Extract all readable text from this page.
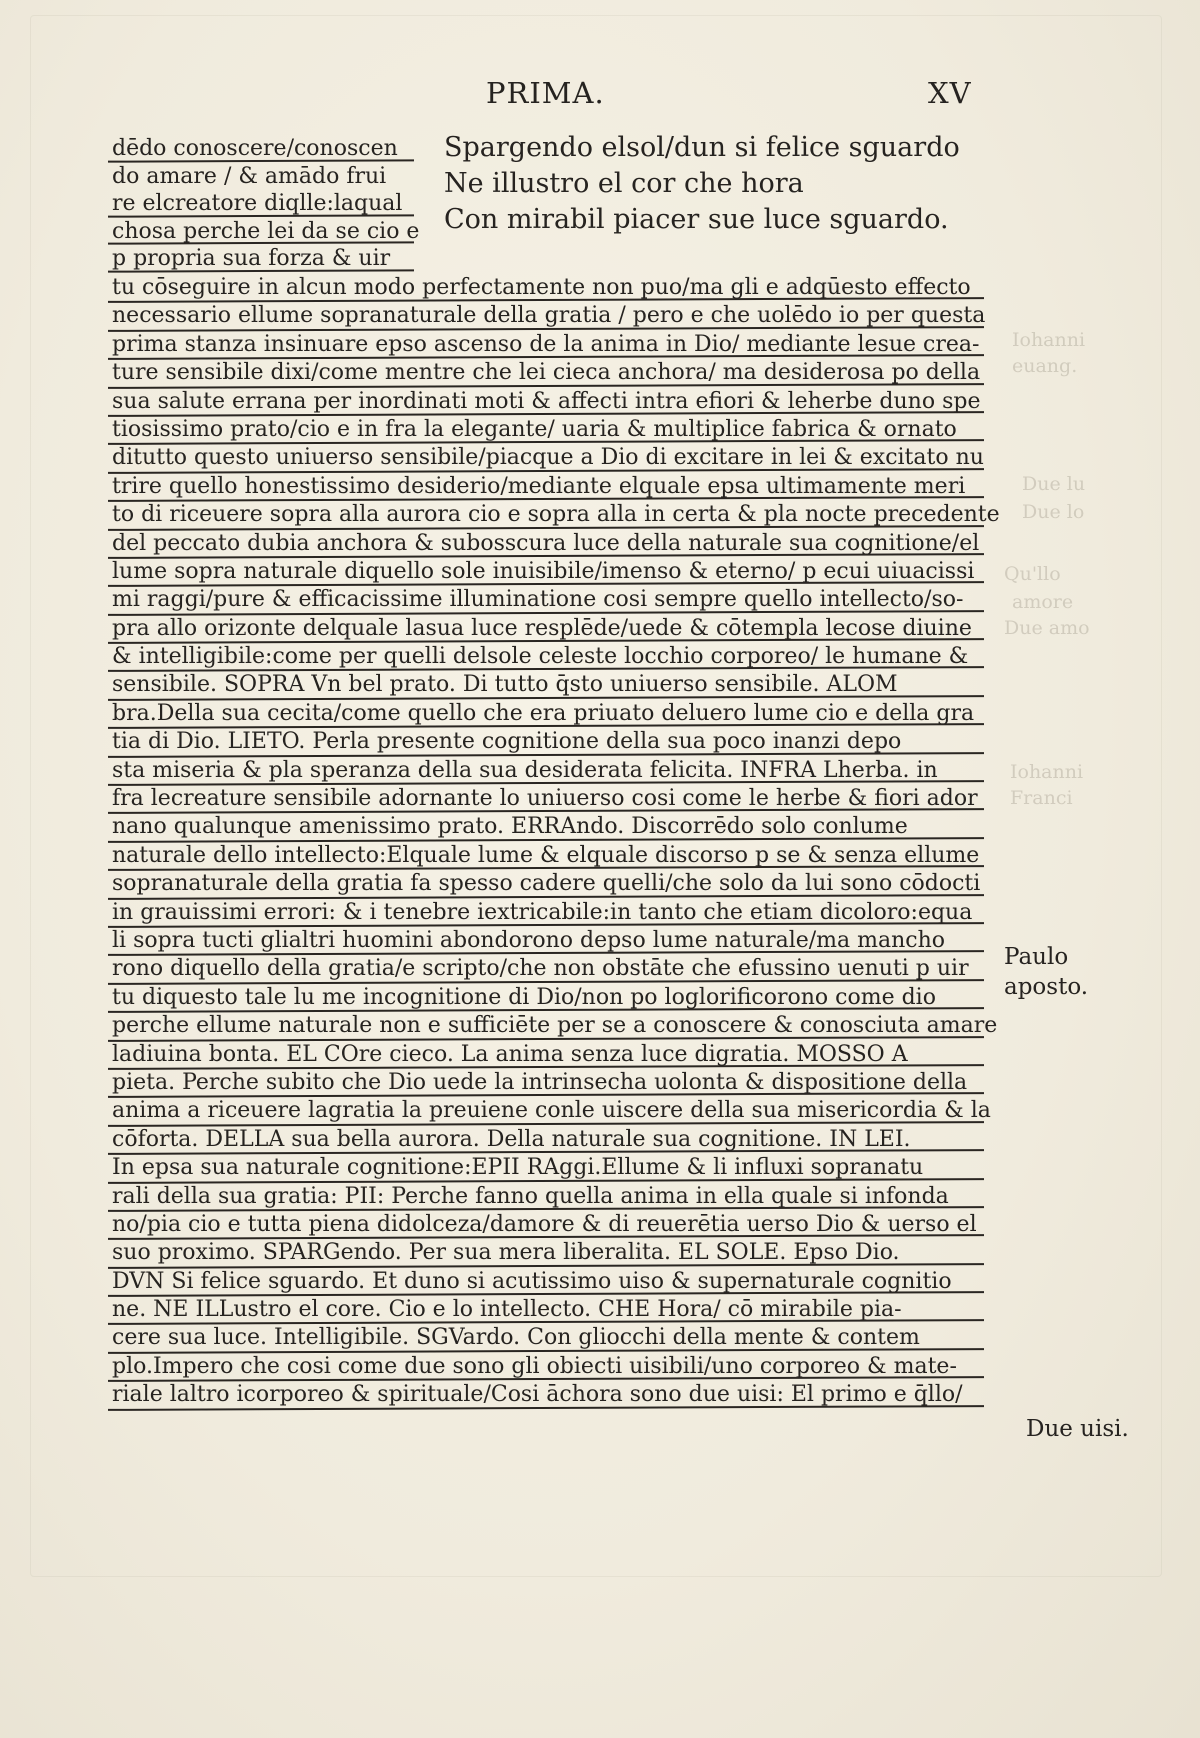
Iohanni
euang.
Due lu
Due lo
Qu'llo
amore
Due amo
Iohanni
Franci
PRIMA.	XV
dēdo conoscere/conoscen
do amare / & amādo frui
re elcreatore diqlle:laqual
chosa perche lei da se cio e
p propria sua forza & uir
Spargendo elsol/dun si felice sguardo
Ne illustro el cor che hora
Con mirabil piacer sue luce sguardo.
tu cōseguire in alcun modo perfectamente non puo/ma gli e adqūesto effecto
necessario ellume sopranaturale della gratia / pero e che uolēdo io per questa
prima stanza insinuare epso ascenso de la anima in Dio/ mediante lesue crea-
ture sensibile dixi/come mentre che lei cieca anchora/ ma desiderosa po della
sua salute errana per inordinati moti & affecti intra efiori & leherbe duno spe
tiosissimo prato/cio e in fra la elegante/ uaria & multiplice fabrica & ornato
ditutto questo uniuerso sensibile/piacque a Dio di excitare in lei & excitato nu
trire quello honestissimo desiderio/mediante elquale epsa ultimamente meri
to di riceuere sopra alla aurora cio e sopra alla in certa & pla nocte precedente
del peccato dubia anchora & subosscura luce della naturale sua cognitione/el
lume sopra naturale diquello sole inuisibile/imenso & eterno/ p ecui uiuacissi
mi raggi/pure & efficacissime illuminatione cosi sempre quello intellecto/so-
pra allo orizonte delquale lasua luce resplēde/uede & cōtempla lecose diuine
& intelligibile:come per quelli delsole celeste locchio corporeo/ le humane &
sensibile. SOPRA Vn bel prato. Di tutto q̄sto uniuerso sensibile. ALOM
bra.Della sua cecita/come quello che era priuato deluero lume cio e della gra
tia di Dio. LIETO. Perla presente cognitione della sua poco inanzi depo
sta miseria & pla speranza della sua desiderata felicita. INFRA Lherba. in
fra lecreature sensibile adornante lo uniuerso cosi come le herbe & fiori ador
nano qualunque amenissimo prato. ERRAndo. Discorrēdo solo conlume
naturale dello intellecto:Elquale lume & elquale discorso p se & senza ellume
sopranaturale della gratia fa spesso cadere quelli/che solo da lui sono cōdocti
in grauissimi errori: & i tenebre iextricabile:in tanto che etiam dicoloro:equa
li sopra tucti glialtri huomini abondorono depso lume naturale/ma mancho
rono diquello della gratia/e scripto/che non obstāte che efussino uenuti p uir
tu diquesto tale lu me incognitione di Dio/non po loglorificorono come dio
perche ellume naturale non e sufficiēte per se a conoscere & conosciuta amare
ladiuina bonta. EL COre cieco. La anima senza luce digratia. MOSSO A
pieta. Perche subito che Dio uede la intrinsecha uolonta & dispositione della
anima a riceuere lagratia la preuiene conle uiscere della sua misericordia & la
cōforta. DELLA sua bella aurora. Della naturale sua cognitione. IN LEI.
In epsa sua naturale cognitione:EPII RAggi.Ellume & li influxi sopranatu
rali della sua gratia: PII: Perche fanno quella anima in ella quale si infonda
no/pia cio e tutta piena didolceza/damore & di reuerētia uerso Dio & uerso el
suo proximo. SPARGendo. Per sua mera liberalita. EL SOLE. Epso Dio.
DVN Si felice sguardo. Et duno si acutissimo uiso & supernaturale cognitio
ne. NE ILLustro el core. Cio e lo intellecto. CHE Hora/ cō mirabile pia-
cere sua luce. Intelligibile. SGVardo. Con gliocchi della mente & contem
plo.Impero che cosi come due sono gli obiecti uisibili/uno corporeo & mate-
riale laltro icorporeo & spirituale/Cosi āchora sono due uisi: El primo e q̄llo/
Paulo
aposto.
Due uisi.
